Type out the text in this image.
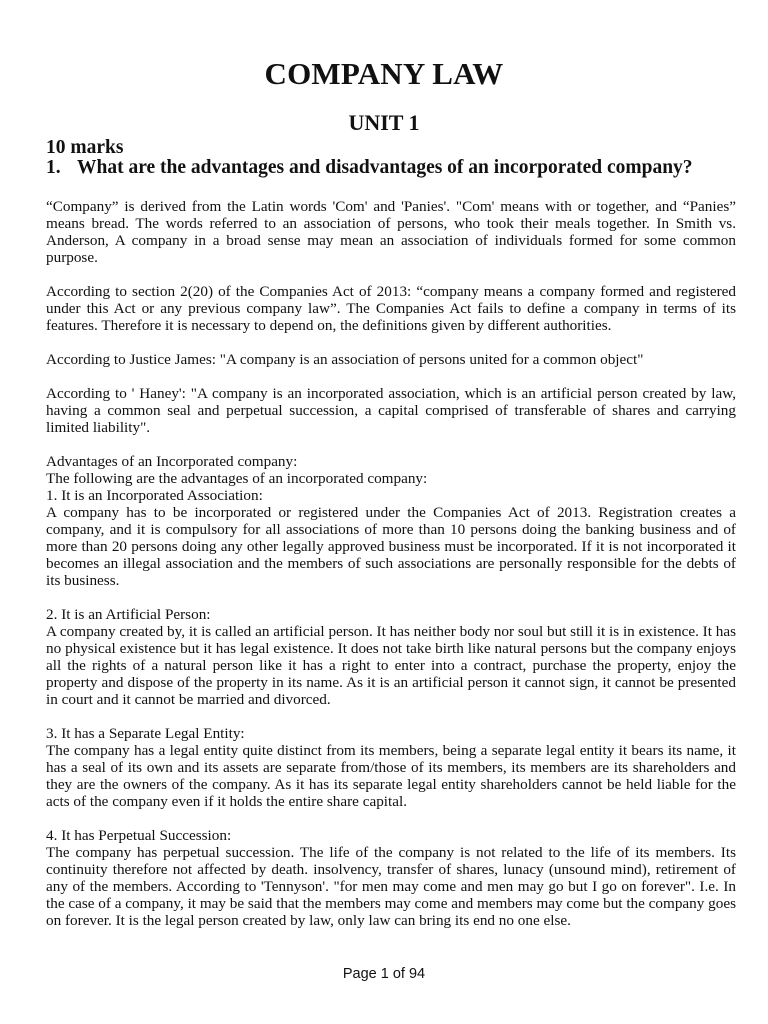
COMPANY LAW
UNIT 1
10 marks
1. What are the advantages and disadvantages of an incorporated company?

“Company” is derived from the Latin words 'Com' and 'Panies'. "Com' means with or together, and “Panies” means bread. The words referred to an association of persons, who took their meals together. In Smith vs. Anderson, A company in a broad sense may mean an association of individuals formed for some common purpose.

According to section 2(20) of the Companies Act of 2013: “company means a company formed and registered under this Act or any previous company law”. The Companies Act fails to define a company in terms of its features. Therefore it is necessary to depend on, the definitions given by different authorities.

According to Justice James: "A company is an association of persons united for a common object"

According to ' Haney': "A company is an incorporated association, which is an artificial person created by law, having a common seal and perpetual succession, a capital comprised of transferable of shares and carrying limited liability".

Advantages of an Incorporated company:

The following are the advantages of an incorporated company:

1. It is an Incorporated Association:

A company has to be incorporated or registered under the Companies Act of 2013. Registration creates a company, and it is compulsory for all associations of more than 10 persons doing the banking business and of more than 20 persons doing any other legally approved business must be incorporated. If it is not incorporated it becomes an illegal association and the members of such associations are personally responsible for the debts of its business.

2. It is an Artificial Person:

A company created by, it is called an artificial person. It has neither body nor soul but still it is in existence. It has no physical existence but it has legal existence. It does not take birth like natural persons but the company enjoys all the rights of a natural person like it has a right to enter into a contract, purchase the property, enjoy the property and dispose of the property in its name. As it is an artificial person it cannot sign, it cannot be presented in court and it cannot be married and divorced.

3. It has a Separate Legal Entity:

The company has a legal entity quite distinct from its members, being a separate legal entity it bears its name, it has a seal of its own and its assets are separate from/those of its members, its members are its shareholders and they are the owners of the company. As it has its separate legal entity shareholders cannot be held liable for the acts of the company even if it holds the entire share capital.

4. It has Perpetual Succession:

The company has perpetual succession. The life of the company is not related to the life of its members. Its continuity therefore not affected by death. insolvency, transfer of shares, lunacy (unsound mind), retirement of any of the members. According to 'Tennyson'. "for men may come and men may go but I go on forever". I.e. In the case of a company, it may be said that the members may come and members may come but the company goes on forever. It is the legal person created by law, only law can bring its end no one else.

Page 1 of 94
